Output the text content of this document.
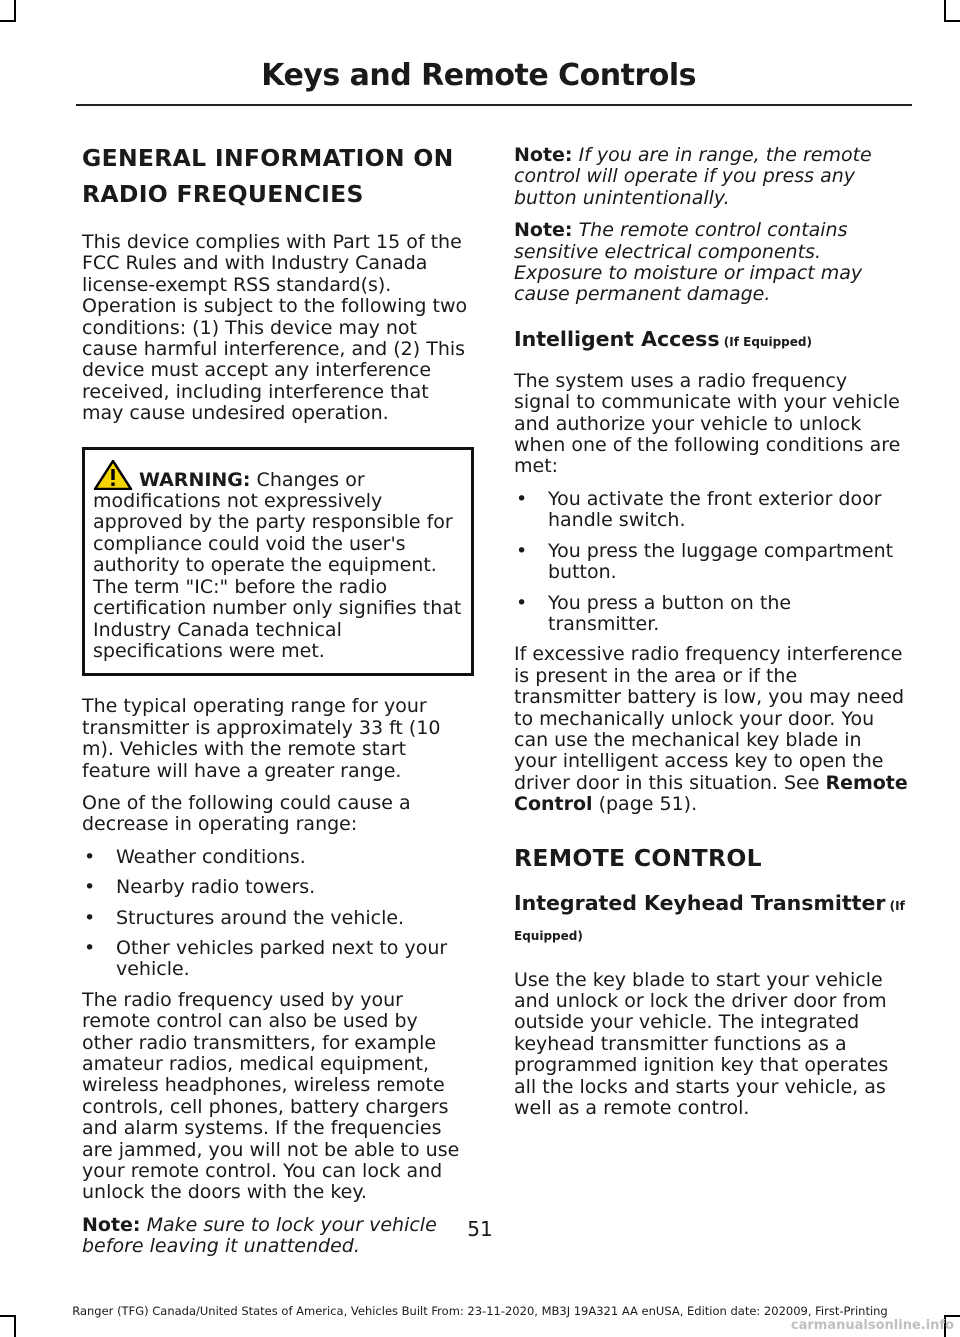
Keys and Remote Controls
GENERAL INFORMATION ON RADIO FREQUENCIES

This device complies with Part 15 of the FCC Rules and with Industry Canada license-exempt RSS standard(s). Operation is subject to the following two conditions: (1) This device may not cause harmful interference, and (2) This device must accept any interference received, including interference that may cause undesired operation.

WARNING: Changes or modifications not expressively approved by the party responsible for compliance could void the user's authority to operate the equipment. The term "IC:" before the radio certification number only signifies that Industry Canada technical specifications were met.

The typical operating range for your transmitter is approximately 33 ft (10 m). Vehicles with the remote start feature will have a greater range.

One of the following could cause a decrease in operating range:

• Weather conditions.
• Nearby radio towers.
• Structures around the vehicle.
• Other vehicles parked next to your vehicle.

The radio frequency used by your remote control can also be used by other radio transmitters, for example amateur radios, medical equipment, wireless headphones, wireless remote controls, cell phones, battery chargers and alarm systems. If the frequencies are jammed, you will not be able to use your remote control. You can lock and unlock the doors with the key.

Note: Make sure to lock your vehicle before leaving it unattended.

Note: If you are in range, the remote control will operate if you press any button unintentionally.

Note: The remote control contains sensitive electrical components. Exposure to moisture or impact may cause permanent damage.

Intelligent Access (If Equipped)

The system uses a radio frequency signal to communicate with your vehicle and authorize your vehicle to unlock when one of the following conditions are met:

• You activate the front exterior door handle switch.
• You press the luggage compartment button.
• You press a button on the transmitter.

If excessive radio frequency interference is present in the area or if the transmitter battery is low, you may need to mechanically unlock your door. You can use the mechanical key blade in your intelligent access key to open the driver door in this situation. See Remote Control (page 51).

REMOTE CONTROL
Integrated Keyhead Transmitter (If Equipped)

Use the key blade to start your vehicle and unlock or lock the driver door from outside your vehicle. The integrated keyhead transmitter functions as a programmed ignition key that operates all the locks and starts your vehicle, as well as a remote control.

51
Ranger (TFG) Canada/United States of America, Vehicles Built From: 23-11-2020, MB3J 19A321 AA enUSA, Edition date: 202009, First-Printing
carmanualsonline.info
